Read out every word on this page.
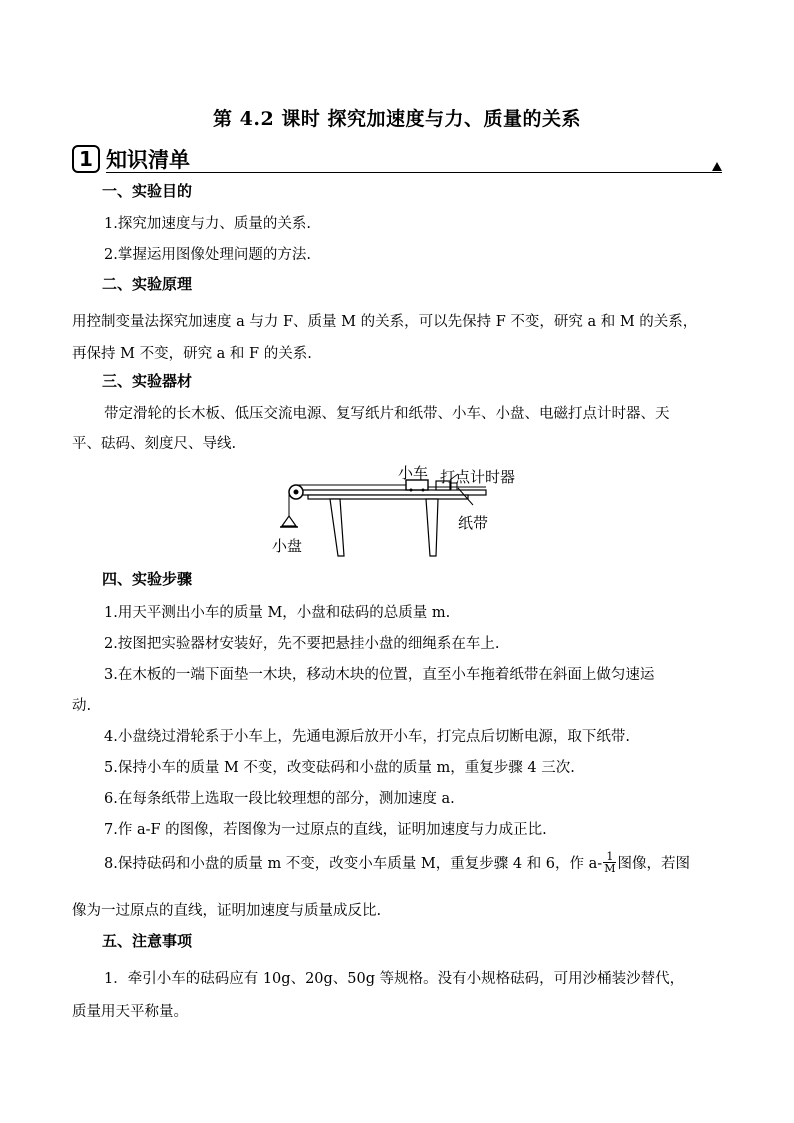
第 4.2 课时 探究加速度与力、质量的关系
1 知识清单
一、实验目的
1.探究加速度与力、质量的关系.
2.掌握运用图像处理问题的方法.
二、实验原理
用控制变量法探究加速度 a 与力 F、质量 M 的关系，可以先保持 F 不变，研究 a 和 M 的关系，
再保持 M 不变，研究 a 和 F 的关系.
三、实验器材
带定滑轮的长木板、低压交流电源、复写纸片和纸带、小车、小盘、电磁打点计时器、天
平、砝码、刻度尺、导线.
小车 打点计时器
纸带
小盘
四、实验步骤
1.用天平测出小车的质量 M，小盘和砝码的总质量 m.
2.按图把实验器材安装好，先不要把悬挂小盘的细绳系在车上.
3.在木板的一端下面垫一木块，移动木块的位置，直至小车拖着纸带在斜面上做匀速运
动.
4.小盘绕过滑轮系于小车上，先通电源后放开小车，打完点后切断电源，取下纸带.
5.保持小车的质量 M 不变，改变砝码和小盘的质量 m，重复步骤 4 三次.
6.在每条纸带上选取一段比较理想的部分，测加速度 a.
7.作 a-F 的图像，若图像为一过原点的直线，证明加速度与力成正比.
8.保持砝码和小盘的质量 m 不变，改变小车质量 M，重复步骤 4 和 6，作 $a- \frac{1}{M}$ 图像，若图
像为一过原点的直线，证明加速度与质量成反比.
五、注意事项
1．牵引小车的砝码应有 10g、20g、50g 等规格。没有小规格砝码，可用沙桶装沙替代，
质量用天平称量。
